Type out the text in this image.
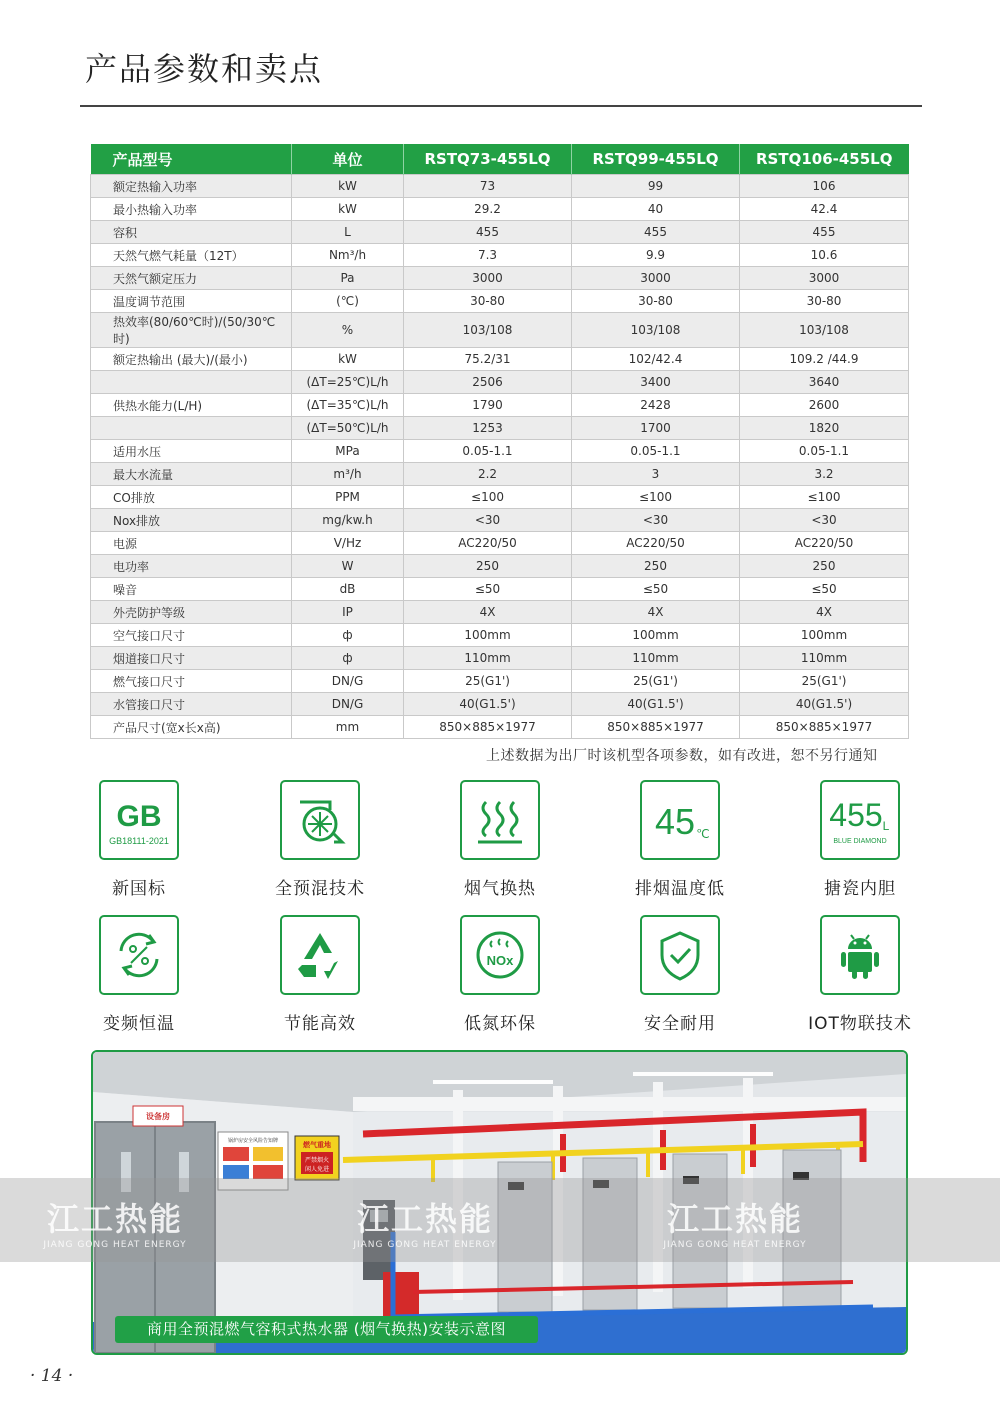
产品参数和卖点
产品型号	单位	RSTQ73-455LQ	RSTQ99-455LQ	RSTQ106-455LQ
额定热输入功率	kW	73	99	106
最小热输入功率	kW	29.2	40	42.4
容积	L	455	455	455
天然气燃气耗量（12T）	Nm³/h	7.3	9.9	10.6
天然气额定压力	Pa	3000	3000	3000
温度调节范围	(℃)	30-80	30-80	30-80
热效率(80/60℃时)/(50/30℃时)	%	103/108	103/108	103/108
额定热输出 (最大)/(最小)	kW	75.2/31	102/42.4	109.2 /44.9
	(ΔT=25℃)L/h	2506	3400	3640
供热水能力(L/H)	(ΔT=35℃)L/h	1790	2428	2600
	(ΔT=50℃)L/h	1253	1700	1820
适用水压	MPa	0.05-1.1	0.05-1.1	0.05-1.1
最大水流量	m³/h	2.2	3	3.2
CO排放	PPM	≤100	≤100	≤100
Nox排放	mg/kw.h	<30	<30	<30
电源	V/Hz	AC220/50	AC220/50	AC220/50
电功率	W	250	250	250
噪音	dB	≤50	≤50	≤50
外壳防护等级	IP	4X	4X	4X
空气接口尺寸	ф	100mm	100mm	100mm
烟道接口尺寸	ф	110mm	110mm	110mm
燃气接口尺寸	DN/G	25(G1')	25(G1')	25(G1')
水管接口尺寸	DN/G	40(G1.5')	40(G1.5')	40(G1.5')
产品尺寸(宽x长x高)	mm	850×885×1977	850×885×1977	850×885×1977
上述数据为出厂时该机型各项参数，如有改进，恕不另行通知
GB
GB18111-2021
新国标	全预混技术	烟气换热
45 ℃
排烟温度低
455 L
BLUE DIAMOND
搪瓷内胆
变频恒温	节能高效
NOx
低氮环保	安全耐用	IOT物联技术
设备房
锅炉房安全风险告知牌	燃气重地
严禁烟火
闲人免进
江工热能
JIANG GONG HEAT ENERGY
江工热能
JIANG GONG HEAT ENERGY
江工热能
JIANG GONG HEAT ENERGY
商用全预混燃气容积式热水器 (烟气换热)安装示意图
· 14 ·
